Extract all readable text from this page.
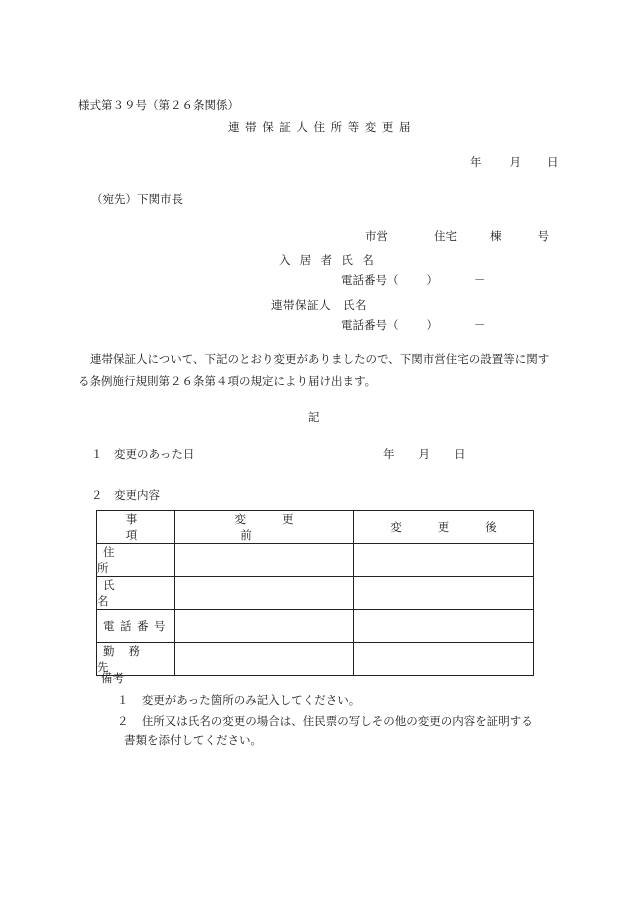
様式第３９号（第２６条関係）
連帯保証人住所等変更届
年 月 日
（宛先）下関市長
市営	住宅	棟	号
入居者氏名
電話番号（ ）	－
連帯保証人　氏名
電話番号（ ）	－
連帯保証人について、下記のとおり変更がありましたので、下関市営住宅の設置等に関する条例施行規則第２６条第４項の規定により届け出ます。
記
１ 変更のあった日	年 月 日
２ 変更内容
事項	変更前	変更後
住所		
氏名		
電話番号		
勤務先		
備考
１ 変更があった箇所のみ記入してください。
２ 住所又は氏名の変更の場合は、住民票の写しその他の変更の内容を証明する
書類を添付してください。
